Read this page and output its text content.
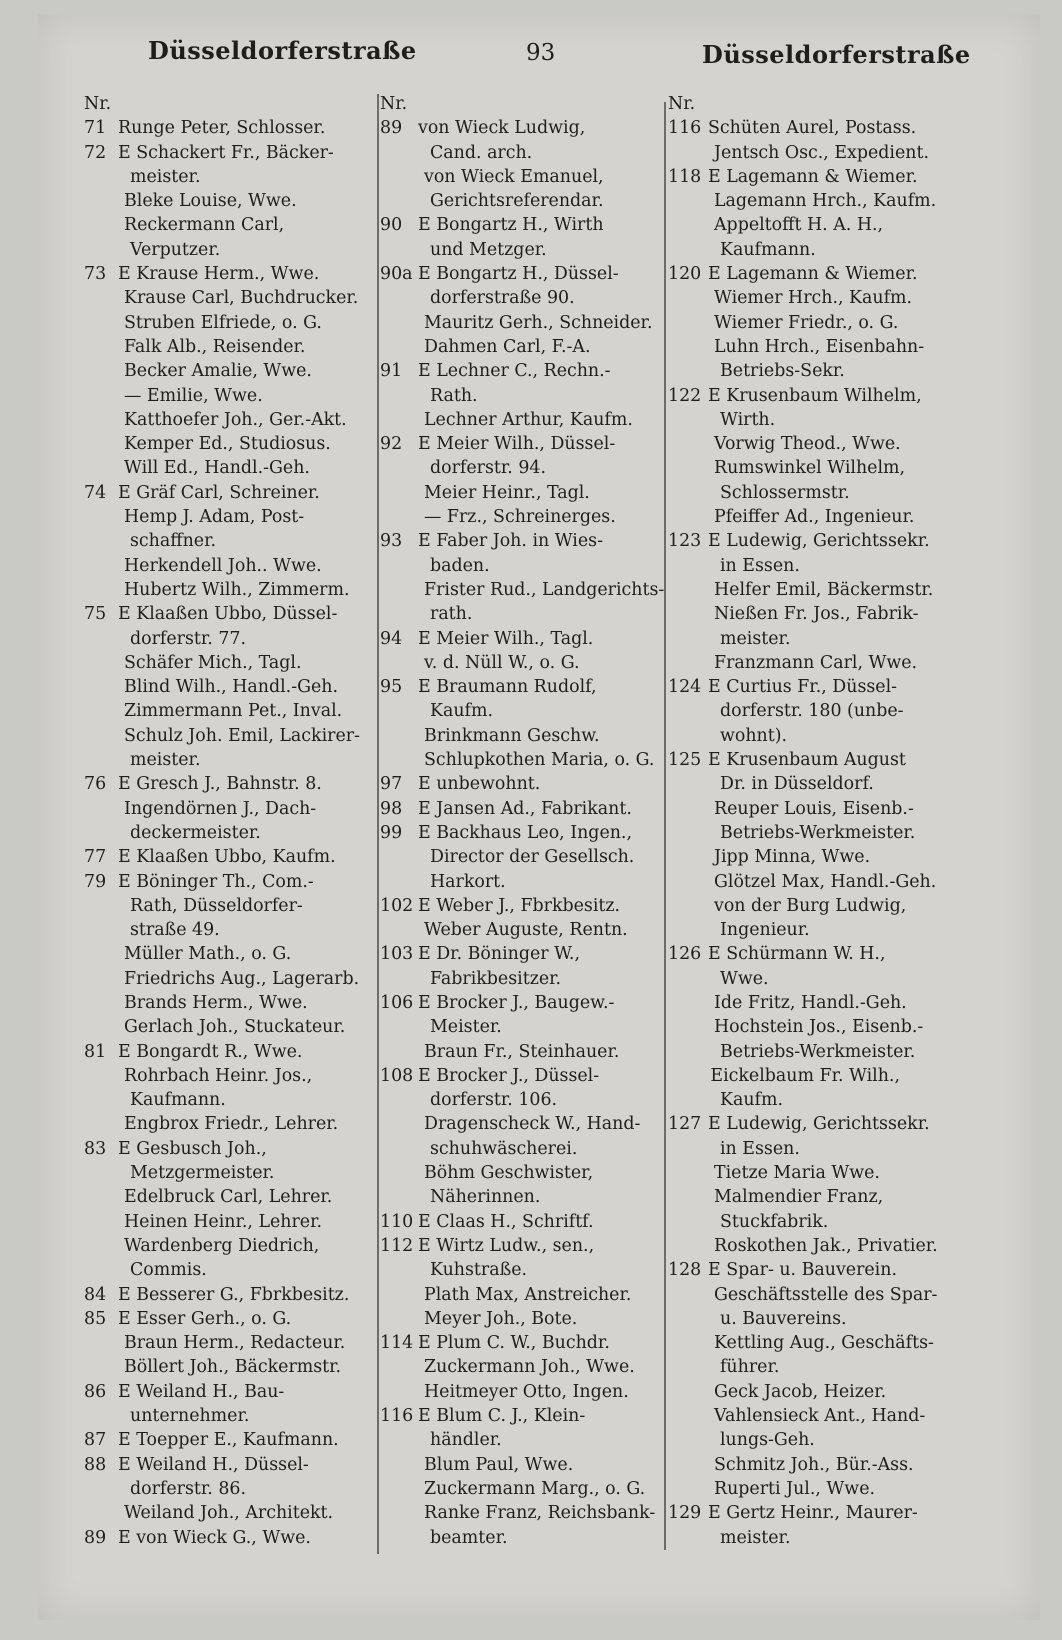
Düsseldorferstraße	93	Düsseldorferstraße
Nr.
71 Runge Peter, Schlosser.
72 E Schackert Fr., Bäcker-
meister.
Bleke Louise, Wwe.
Reckermann Carl,
Verputzer.
73 E Krause Herm., Wwe.
Krause Carl, Buchdrucker.
Struben Elfriede, o. G.
Falk Alb., Reisender.
Becker Amalie, Wwe.
— Emilie, Wwe.
Katthoefer Joh., Ger.-Akt.
Kemper Ed., Studiosus.
Will Ed., Handl.-Geh.
74 E Gräf Carl, Schreiner.
Hemp J. Adam, Post-
schaffner.
Herkendell Joh.. Wwe.
Hubertz Wilh., Zimmerm.
75 E Klaaßen Ubbo, Düssel-
dorferstr. 77.
Schäfer Mich., Tagl.
Blind Wilh., Handl.-Geh.
Zimmermann Pet., Inval.
Schulz Joh. Emil, Lackirer-
meister.
76 E Gresch J., Bahnstr. 8.
Ingendörnen J., Dach-
deckermeister.
77 E Klaaßen Ubbo, Kaufm.
79 E Böninger Th., Com.-
Rath, Düsseldorfer-
straße 49.
Müller Math., o. G.
Friedrichs Aug., Lagerarb.
Brands Herm., Wwe.
Gerlach Joh., Stuckateur.
81 E Bongardt R., Wwe.
Rohrbach Heinr. Jos.,
Kaufmann.
Engbrox Friedr., Lehrer.
83 E Gesbusch Joh.,
Metzgermeister.
Edelbruck Carl, Lehrer.
Heinen Heinr., Lehrer.
Wardenberg Diedrich,
Commis.
84 E Besserer G., Fbrkbesitz.
85 E Esser Gerh., o. G.
Braun Herm., Redacteur.
Böllert Joh., Bäckermstr.
86 E Weiland H., Bau-
unternehmer.
87 E Toepper E., Kaufmann.
88 E Weiland H., Düssel-
dorferstr. 86.
Weiland Joh., Architekt.
89 E von Wieck G., Wwe.
Nr.
89 von Wieck Ludwig,
Cand. arch.
von Wieck Emanuel,
Gerichtsreferendar.
90 E Bongartz H., Wirth
und Metzger.
90a E Bongartz H., Düssel-
dorferstraße 90.
Mauritz Gerh., Schneider.
Dahmen Carl, F.-A.
91 E Lechner C., Rechn.-
Rath.
Lechner Arthur, Kaufm.
92 E Meier Wilh., Düssel-
dorferstr. 94.
Meier Heinr., Tagl.
— Frz., Schreinerges.
93 E Faber Joh. in Wies-
baden.
Frister Rud., Landgerichts-
rath.
94 E Meier Wilh., Tagl.
v. d. Nüll W., o. G.
95 E Braumann Rudolf,
Kaufm.
Brinkmann Geschw.
Schlupkothen Maria, o. G.
97 E unbewohnt.
98 E Jansen Ad., Fabrikant.
99 E Backhaus Leo, Ingen.,
Director der Gesellsch.
Harkort.
102 E Weber J., Fbrkbesitz.
Weber Auguste, Rentn.
103 E Dr. Böninger W.,
Fabrikbesitzer.
106 E Brocker J., Baugew.-
Meister.
Braun Fr., Steinhauer.
108 E Brocker J., Düssel-
dorferstr. 106.
Dragenscheck W., Hand-
schuhwäscherei.
Böhm Geschwister,
Näherinnen.
110 E Claas H., Schriftf.
112 E Wirtz Ludw., sen.,
Kuhstraße.
Plath Max, Anstreicher.
Meyer Joh., Bote.
114 E Plum C. W., Buchdr.
Zuckermann Joh., Wwe.
Heitmeyer Otto, Ingen.
116 E Blum C. J., Klein-
händler.
Blum Paul, Wwe.
Zuckermann Marg., o. G.
Ranke Franz, Reichsbank-
beamter.
Nr.
116 Schüten Aurel, Postass.
Jentsch Osc., Expedient.
118 E Lagemann & Wiemer.
Lagemann Hrch., Kaufm.
Appeltofft H. A. H.,
Kaufmann.
120 E Lagemann & Wiemer.
Wiemer Hrch., Kaufm.
Wiemer Friedr., o. G.
Luhn Hrch., Eisenbahn-
Betriebs-Sekr.
122 E Krusenbaum Wilhelm,
Wirth.
Vorwig Theod., Wwe.
Rumswinkel Wilhelm,
Schlossermstr.
Pfeiffer Ad., Ingenieur.
123 E Ludewig, Gerichtssekr.
in Essen.
Helfer Emil, Bäckermstr.
Nießen Fr. Jos., Fabrik-
meister.
Franzmann Carl, Wwe.
124 E Curtius Fr., Düssel-
dorferstr. 180 (unbe-
wohnt).
125 E Krusenbaum August
Dr. in Düsseldorf.
Reuper Louis, Eisenb.-
Betriebs-Werkmeister.
Jipp Minna, Wwe.
Glötzel Max, Handl.-Geh.
von der Burg Ludwig,
Ingenieur.
126 E Schürmann W. H.,
Wwe.
Ide Fritz, Handl.-Geh.
Hochstein Jos., Eisenb.-
Betriebs-Werkmeister.
Eickelbaum Fr. Wilh.,
Kaufm.
127 E Ludewig, Gerichtssekr.
in Essen.
Tietze Maria Wwe.
Malmendier Franz,
Stuckfabrik.
Roskothen Jak., Privatier.
128 E Spar- u. Bauverein.
Geschäftsstelle des Spar-
u. Bauvereins.
Kettling Aug., Geschäfts-
führer.
Geck Jacob, Heizer.
Vahlensieck Ant., Hand-
lungs-Geh.
Schmitz Joh., Bür.-Ass.
Ruperti Jul., Wwe.
129 E Gertz Heinr., Maurer-
meister.
